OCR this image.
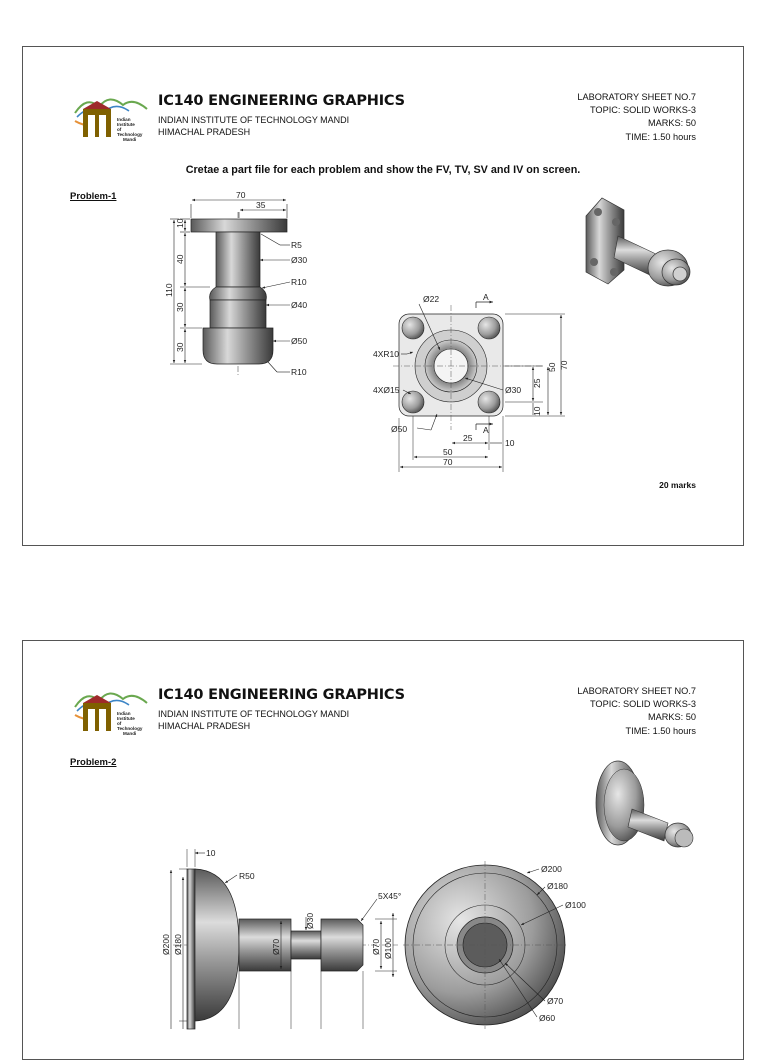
Indian
Institute
of
Technology
Mandi
IC140 ENGINEERING GRAPHICS
INDIAN INSTITUTE OF TECHNOLOGY MANDI
HIMACHAL PRADESH
LABORATORY SHEET NO.7
TOPIC: SOLID WORKS-3
MARKS: 50
TIME: 1.50 hours
Cretae a part file for each problem and show the FV, TV, SV and IV on screen.
Problem-1	70
35
10
40
110
30
30
R5
Ø30
R10
Ø40
Ø50
R10
Ø22	A
4XR10
4XØ15	Ø30
Ø50
25
50 70
10
A
25	10
50
70
20 marks
Indian
Institute
of
Technology
Mandi
IC140 ENGINEERING GRAPHICS
INDIAN INSTITUTE OF TECHNOLOGY MANDI
HIMACHAL PRADESH
LABORATORY SHEET NO.7
TOPIC: SOLID WORKS-3
MARKS: 50
TIME: 1.50 hours
Problem-2
10
R50
5X45°
Ø30
Ø200 Ø180	Ø70	Ø70 Ø100
Ø200
Ø180
Ø100
Ø70
Ø60
